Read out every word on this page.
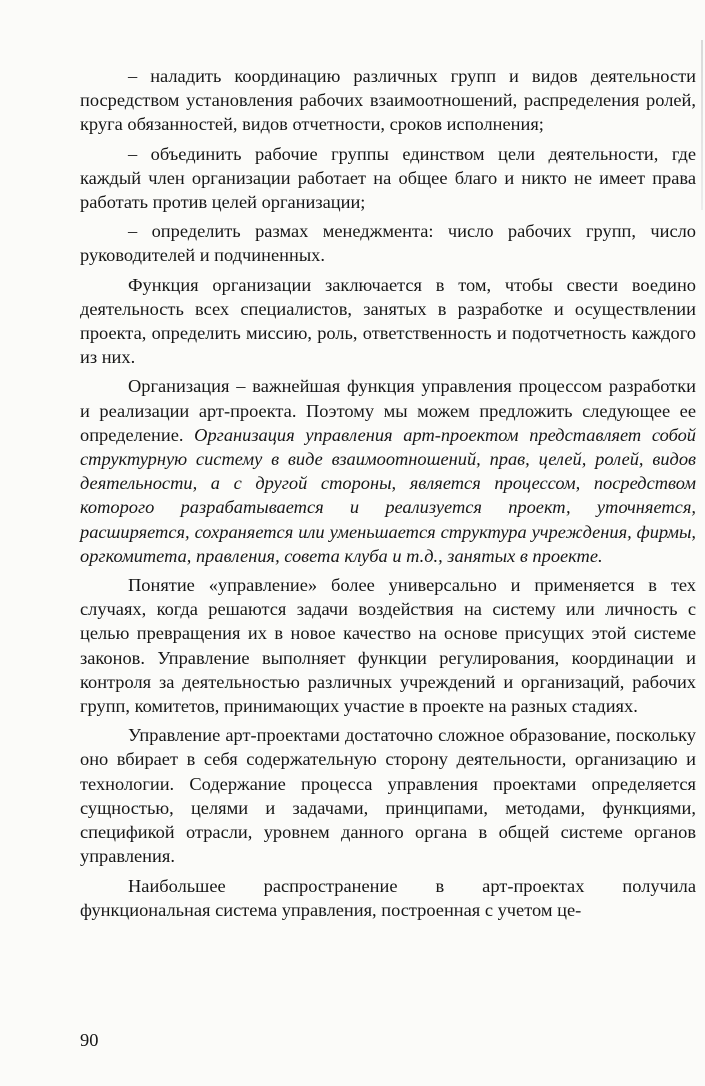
– наладить координацию различных групп и видов деятельности посредством установления рабочих взаимоотношений, распределения ролей, круга обязанностей, видов отчетности, сроков исполнения;

– объединить рабочие группы единством цели деятельности, где каждый член организации работает на общее благо и никто не имеет права работать против целей организации;

– определить размах менеджмента: число рабочих групп, число руководителей и подчиненных.

Функция организации заключается в том, чтобы свести воедино деятельность всех специалистов, занятых в разработке и осуществлении проекта, определить миссию, роль, ответственность и подотчетность каждого из них.

Организация – важнейшая функция управления процессом разработки и реализации арт-проекта. Поэтому мы можем предложить следующее ее определение. Организация управления арт-проектом представляет собой структурную систему в виде взаимоотношений, прав, целей, ролей, видов деятельности, а с другой стороны, является процессом, посредством которого разрабатывается и реализуется проект, уточняется, расширяется, сохраняется или уменьшается структура учреждения, фирмы, оргкомитета, правления, совета клуба и т.д., занятых в проекте.

Понятие «управление» более универсально и применяется в тех случаях, когда решаются задачи воздействия на систему или личность с целью превращения их в новое качество на основе присущих этой системе законов. Управление выполняет функции регулирования, координации и контроля за деятельностью различных учреждений и организаций, рабочих групп, комитетов, принимающих участие в проекте на разных стадиях.

Управление арт-проектами достаточно сложное образование, поскольку оно вбирает в себя содержательную сторону деятельности, организацию и технологии. Содержание процесса управления проектами определяется сущностью, целями и задачами, принципами, методами, функциями, спецификой отрасли, уровнем данного органа в общей системе органов управления.

Наибольшее распространение в арт-проектах получила функциональная система управления, построенная с учетом це-

90
